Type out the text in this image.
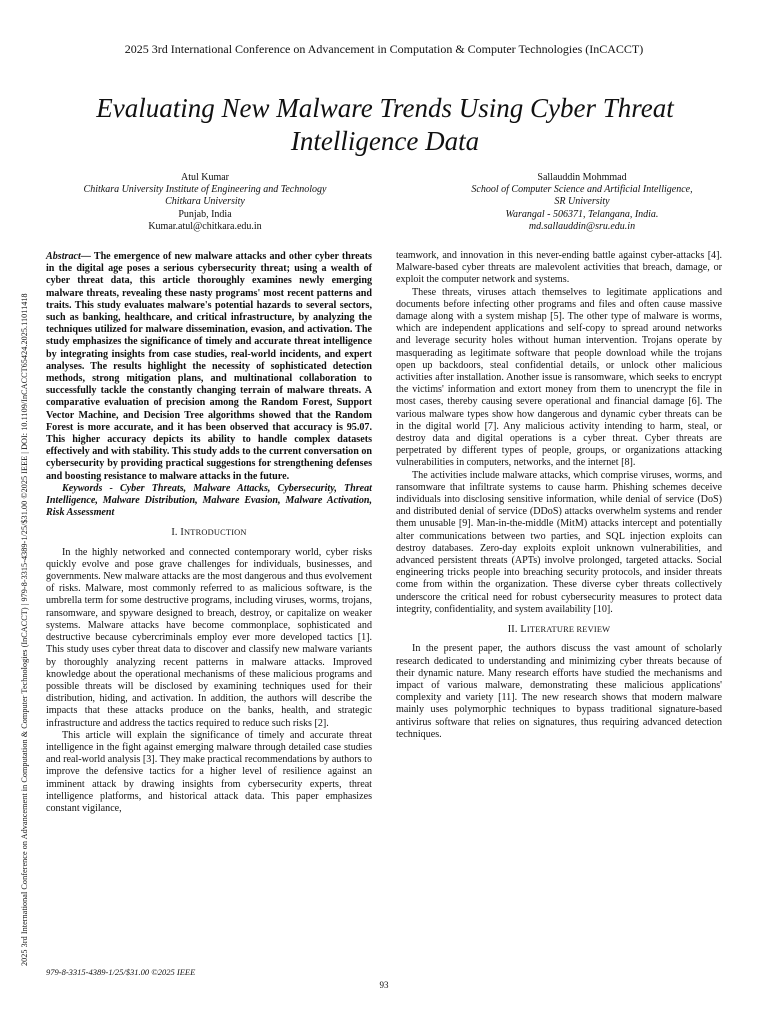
2025 3rd International Conference on Advancement in Computation & Computer Technologies (InCACCT)
2025 3rd International Conference on Advancement in Computation & Computer Technologies (InCACCT) | 979-8-3315-4389-1/25/$31.00 ©2025 IEEE | DOI: 10.1109/InCACCT65424.2025.11011418
Evaluating New Malware Trends Using Cyber Threat
Intelligence Data
Atul Kumar
Chitkara University Institute of Engineering and Technology
Chitkara University
Punjab, India
Kumar.atul@chitkara.edu.in
Sallauddin Mohmmad
School of Computer Science and Artificial Intelligence,
SR University
Warangal - 506371, Telangana, India.
md.sallauddin@sru.edu.in

Abstract— The emergence of new malware attacks and other cyber threats in the digital age poses a serious cybersecurity threat; using a wealth of cyber threat data, this article thoroughly examines newly emerging malware threats, revealing these nasty programs' most recent patterns and traits. This study evaluates malware's potential hazards to several sectors, such as banking, healthcare, and critical infrastructure, by analyzing the techniques utilized for malware dissemination, evasion, and activation. The study emphasizes the significance of timely and accurate threat intelligence by integrating insights from case studies, real-world incidents, and expert analyses. The results highlight the necessity of sophisticated detection methods, strong mitigation plans, and multinational collaboration to successfully tackle the constantly changing terrain of malware threats. A comparative evaluation of precision among the Random Forest, Support Vector Machine, and Decision Tree algorithms showed that the Random Forest is more accurate, and it has been observed that accuracy is 95.07. This higher accuracy depicts its ability to handle complex datasets effectively and with stability. This study adds to the current conversation on cybersecurity by providing practical suggestions for strengthening defenses and boosting resistance to malware attacks in the future.

Keywords - Cyber Threats, Malware Attacks, Cybersecurity, Threat Intelligence, Malware Distribution, Malware Evasion, Malware Activation, Risk Assessment

I. INTRODUCTION

In the highly networked and connected contemporary world, cyber risks quickly evolve and pose grave challenges for individuals, businesses, and governments. New malware attacks are the most dangerous and thus evolvement of risks. Malware, most commonly referred to as malicious software, is the umbrella term for some destructive programs, including viruses, worms, trojans, ransomware, and spyware designed to breach, destroy, or capitalize on weaker systems. Malware attacks have become commonplace, sophisticated and destructive because cybercriminals employ ever more developed tactics [1]. This study uses cyber threat data to discover and classify new malware variants by thoroughly analyzing recent patterns in malware attacks. Improved knowledge about the operational mechanisms of these malicious programs and possible threats will be disclosed by examining techniques used for their distribution, hiding, and activation. In addition, the authors will describe the impacts that these attacks produce on the banks, health, and strategic infrastructure and address the tactics required to reduce such risks [2].

This article will explain the significance of timely and accurate threat intelligence in the fight against emerging malware through detailed case studies and real-world analysis [3]. They make practical recommendations by authors to improve the defensive tactics for a higher level of resilience against an imminent attack by drawing insights from cybersecurity experts, threat intelligence platforms, and historical attack data. This paper emphasizes constant vigilance,

teamwork, and innovation in this never-ending battle against cyber-attacks [4]. Malware-based cyber threats are malevolent activities that breach, damage, or exploit the computer network and systems.

These threats, viruses attach themselves to legitimate applications and documents before infecting other programs and files and often cause massive damage along with a system mishap [5]. The other type of malware is worms, which are independent applications and self-copy to spread around networks and leverage security holes without human intervention. Trojans operate by masquerading as legitimate software that people download while the trojans open up backdoors, steal confidential details, or unlock other malicious activities after installation. Another issue is ransomware, which seeks to encrypt the victims' information and extort money from them to unencrypt the file in most cases, thereby causing severe operational and financial damage [6]. The various malware types show how dangerous and dynamic cyber threats can be in the digital world [7]. Any malicious activity intending to harm, steal, or destroy data and digital operations is a cyber threat. Cyber threats are perpetrated by different types of people, groups, or organizations attacking vulnerabilities in computers, networks, and the internet [8].

The activities include malware attacks, which comprise viruses, worms, and ransomware that infiltrate systems to cause harm. Phishing schemes deceive individuals into disclosing sensitive information, while denial of service (DoS) and distributed denial of service (DDoS) attacks overwhelm systems and render them unusable [9]. Man-in-the-middle (MitM) attacks intercept and potentially alter communications between two parties, and SQL injection exploits can destroy databases. Zero-day exploits exploit unknown vulnerabilities, and advanced persistent threats (APTs) involve prolonged, targeted attacks. Social engineering tricks people into breaching security protocols, and insider threats come from within the organization. These diverse cyber threats collectively underscore the critical need for robust cybersecurity measures to protect data integrity, confidentiality, and system availability [10].

II. LITERATURE REVIEW

In the present paper, the authors discuss the vast amount of scholarly research dedicated to understanding and minimizing cyber threats because of their dynamic nature. Many research efforts have studied the mechanisms and impact of various malware, demonstrating these malicious applications' complexity and variety [11]. The new research shows that modern malware mainly uses polymorphic techniques to bypass traditional signature-based antivirus software that relies on signatures, thus requiring advanced detection techniques.

979-8-3315-4389-1/25/$31.00 ©2025 IEEE
93
